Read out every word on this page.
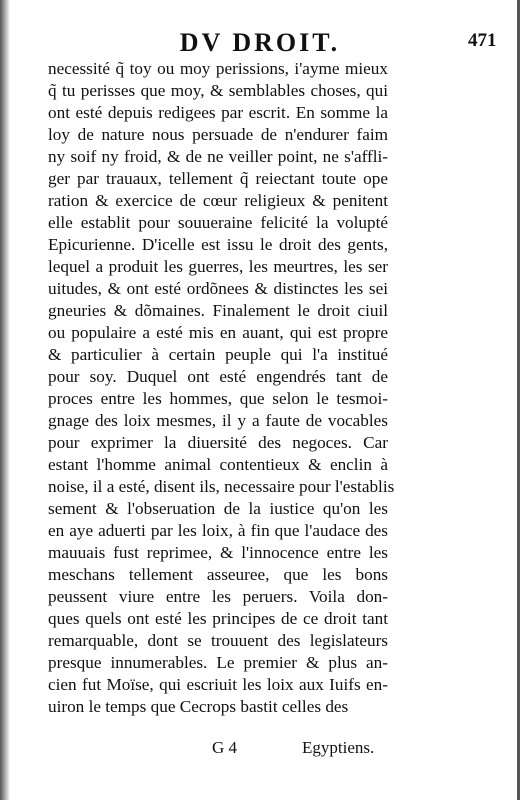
DV DROIT.	471
necessité q̃ toy ou moy perissions, i'ayme mieux
q̃ tu perisses que moy, & semblables choses, qui
ont esté depuis redigees par escrit. En somme la
loy de nature nous persuade de n'endurer faim
ny soif ny froid, & de ne veiller point, ne s'affli-
ger par trauaux, tellement q̃ reiectant toute ope
ration & exercice de cœur religieux & penitent
elle establit pour souueraine felicité la volupté
Epicurienne. D'icelle est issu le droit des gents,
lequel a produit les guerres, les meurtres, les ser
uitudes, & ont esté ordõnees & distinctes les sei
gneuries & dõmaines. Finalement le droit ciuil
ou populaire a esté mis en auant, qui est propre
& particulier à certain peuple qui l'a institué
pour soy. Duquel ont esté engendrés tant de
proces entre les hommes, que selon le tesmoi-
gnage des loix mesmes, il y a faute de vocables
pour exprimer la diuersité des negoces. Car
estant l'homme animal contentieux & enclin à
noise, il a esté, disent ils, necessaire pour l'establis
sement & l'obseruation de la iustice qu'on les
en aye aduerti par les loix, à fin que l'audace des
mauuais fust reprimee, & l'innocence entre les
meschans tellement asseuree, que les bons
peussent viure entre les peruers. Voila don-
ques quels ont esté les principes de ce droit tant
remarquable, dont se trouuent des legislateurs
presque innumerables. Le premier & plus an-
cien fut Moïse, qui escriuit les loix aux Iuifs en-
uiron le temps que Cecrops bastit celles des
G 4	Egyptiens.
